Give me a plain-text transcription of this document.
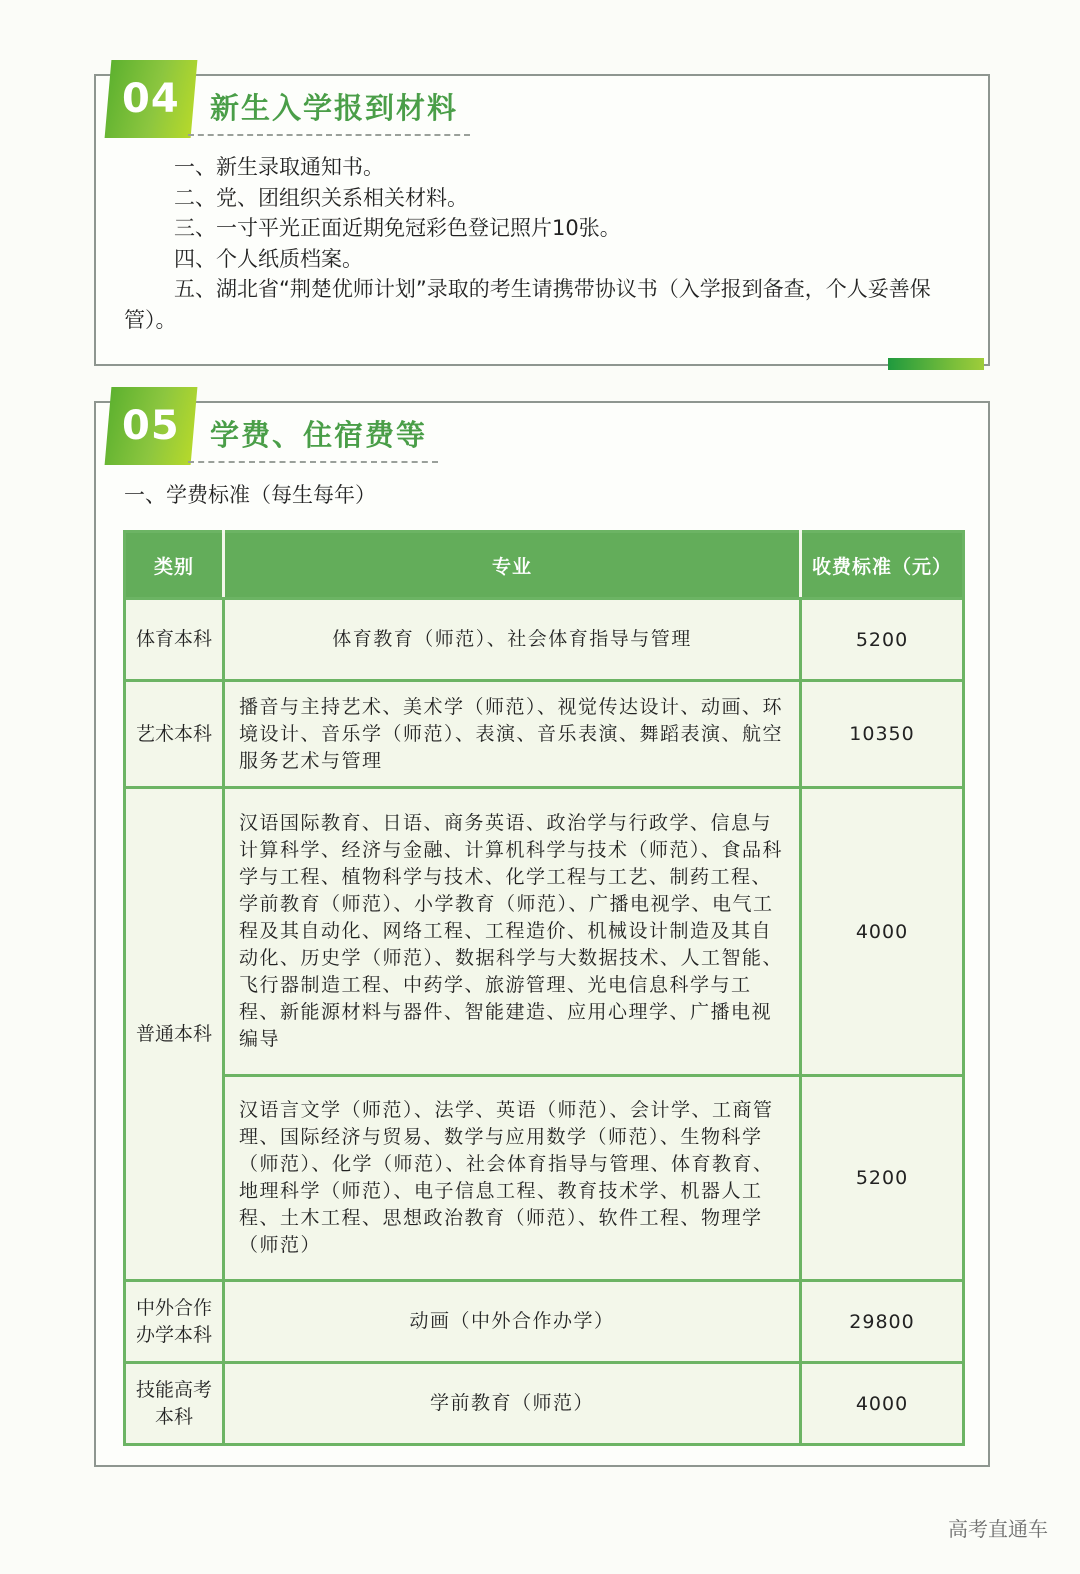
04 新生入学报到材料

一、新生录取通知书。

二、党、团组织关系相关材料。

三、一寸平光正面近期免冠彩色登记照片10张。

四、个人纸质档案。

五、湖北省“荆楚优师计划”录取的考生请携带协议书（入学报到备查，个人妥善保管）。

05 学费、住宿费等
一、学费标准（每生每年）
类别	专业	收费标准（元）
体育本科	体育教育（师范）、社会体育指导与管理	5200
艺术本科	播音与主持艺术、美术学（师范）、视觉传达设计、动画、环境设计、音乐学（师范）、表演、音乐表演、舞蹈表演、航空服务艺术与管理	10350
普通本科	汉语国际教育、日语、商务英语、政治学与行政学、信息与计算科学、经济与金融、计算机科学与技术（师范）、食品科学与工程、植物科学与技术、化学工程与工艺、制药工程、学前教育（师范）、小学教育（师范）、广播电视学、电气工程及其自动化、网络工程、工程造价、机械设计制造及其自动化、历史学（师范）、数据科学与大数据技术、人工智能、飞行器制造工程、中药学、旅游管理、光电信息科学与工程、新能源材料与器件、智能建造、应用心理学、广播电视编导	4000
	汉语言文学（师范）、法学、英语（师范）、会计学、工商管理、国际经济与贸易、数学与应用数学（师范）、生物科学（师范）、化学（师范）、社会体育指导与管理、体育教育、地理科学（师范）、电子信息工程、教育技术学、机器人工程、土木工程、思想政治教育（师范）、软件工程、物理学（师范）	5200
中外合作办学本科	动画（中外合作办学）	29800
技能高考本科	学前教育（师范）	4000
高考直通车
